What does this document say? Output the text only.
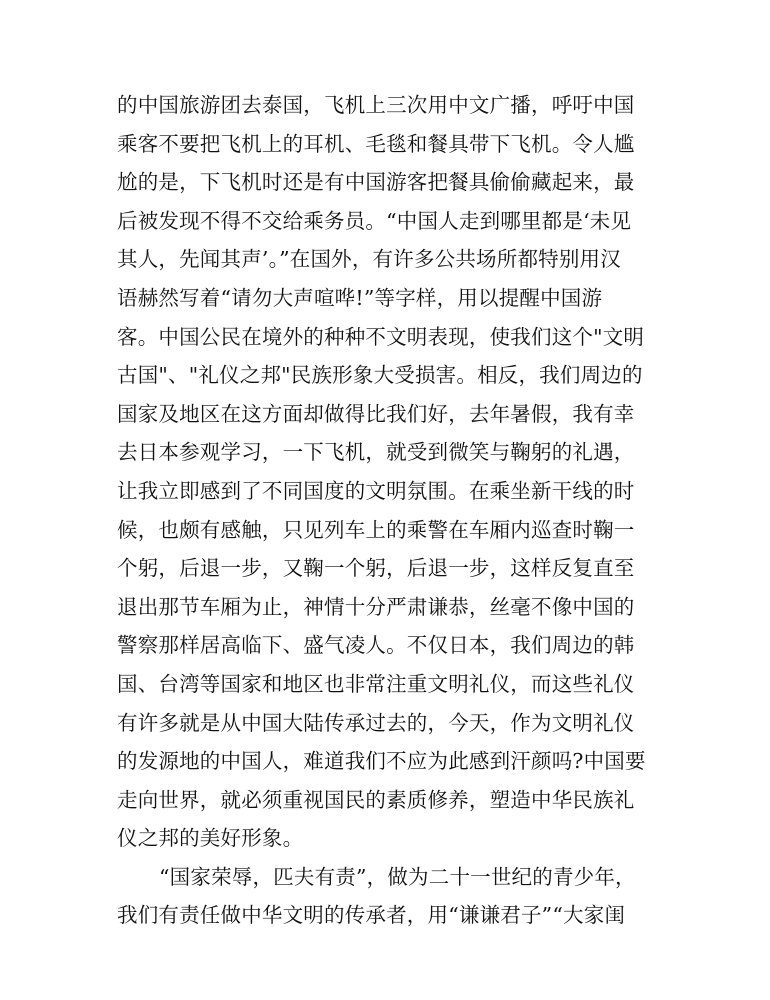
的中国旅游团去泰国，飞机上三次用中文广播，呼吁中国
乘客不要把飞机上的耳机、毛毯和餐具带下飞机。令人尴
尬的是，下飞机时还是有中国游客把餐具偷偷藏起来，最
后被发现不得不交给乘务员。“中国人走到哪里都是‘未见
其人，先闻其声’。”在国外，有许多公共场所都特别用汉
语赫然写着“请勿大声喧哗!”等字样，用以提醒中国游
客。中国公民在境外的种种不文明表现，使我们这个"文明
古国"、"礼仪之邦"民族形象大受损害。相反，我们周边的
国家及地区在这方面却做得比我们好，去年暑假，我有幸
去日本参观学习，一下飞机，就受到微笑与鞠躬的礼遇，
让我立即感到了不同国度的文明氛围。在乘坐新干线的时
候，也颇有感触，只见列车上的乘警在车厢内巡查时鞠一
个躬，后退一步，又鞠一个躬，后退一步，这样反复直至
退出那节车厢为止，神情十分严肃谦恭，丝毫不像中国的
警察那样居高临下、盛气凌人。不仅日本，我们周边的韩
国、台湾等国家和地区也非常注重文明礼仪，而这些礼仪
有许多就是从中国大陆传承过去的，今天，作为文明礼仪
的发源地的中国人，难道我们不应为此感到汗颜吗?中国要
走向世界，就必须重视国民的素质修养，塑造中华民族礼
仪之邦的美好形象。
“国家荣辱，匹夫有责”，做为二十一世纪的青少年，
我们有责任做中华文明的传承者，用“谦谦君子”“大家闺
